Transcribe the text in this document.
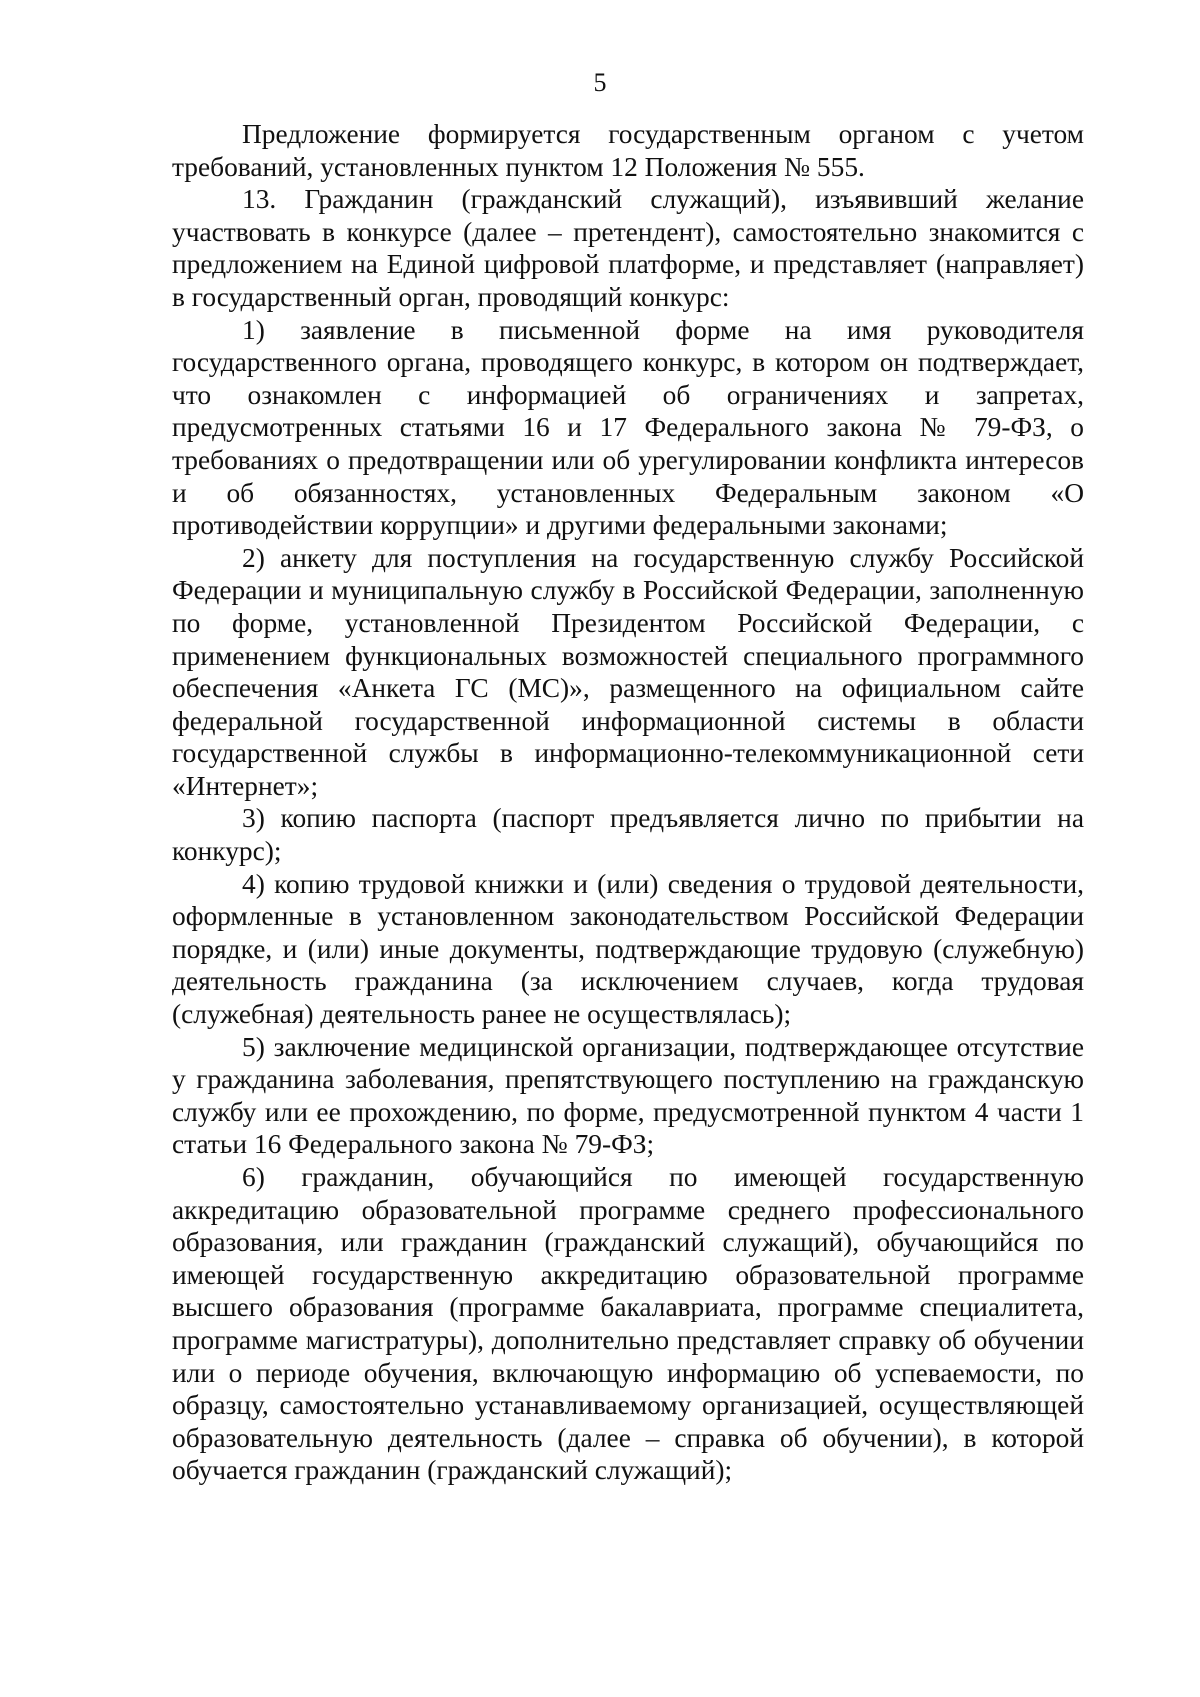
5

Предложение формируется государственным органом с учетом требований, установленных пунктом 12 Положения № 555.

13. Гражданин (гражданский служащий), изъявивший желание участвовать в конкурсе (далее – претендент), самостоятельно знакомится с предложением на Единой цифровой платформе, и представляет (направляет) в государственный орган, проводящий конкурс:

1) заявление в письменной форме на имя руководителя государственного органа, проводящего конкурс, в котором он подтверждает, что ознакомлен с информацией об ограничениях и запретах, предусмотренных статьями 16 и 17 Федерального закона № 79-ФЗ, о требованиях о предотвращении или об урегулировании конфликта интересов и об обязанностях, установленных Федеральным законом «О противодействии коррупции» и другими федеральными законами;

2) анкету для поступления на государственную службу Российской Федерации и муниципальную службу в Российской Федерации, заполненную по форме, установленной Президентом Российской Федерации, с применением функциональных возможностей специального программного обеспечения «Анкета ГС (МС)», размещенного на официальном сайте федеральной государственной информационной системы в области государственной службы в информационно-телекоммуникационной сети «Интернет»;

3) копию паспорта (паспорт предъявляется лично по прибытии на конкурс);

4) копию трудовой книжки и (или) сведения о трудовой деятельности, оформленные в установленном законодательством Российской Федерации порядке, и (или) иные документы, подтверждающие трудовую (служебную) деятельность гражданина (за исключением случаев, когда трудовая (служебная) деятельность ранее не осуществлялась);

5) заключение медицинской организации, подтверждающее отсутствие у гражданина заболевания, препятствующего поступлению на гражданскую службу или ее прохождению, по форме, предусмотренной пунктом 4 части 1 статьи 16 Федерального закона № 79-ФЗ;

6) гражданин, обучающийся по имеющей государственную аккредитацию образовательной программе среднего профессионального образования, или гражданин (гражданский служащий), обучающийся по имеющей государственную аккредитацию образовательной программе высшего образования (программе бакалавриата, программе специалитета, программе магистратуры), дополнительно представляет справку об обучении или о периоде обучения, включающую информацию об успеваемости, по образцу, самостоятельно устанавливаемому организацией, осуществляющей образовательную деятельность (далее – справка об обучении), в которой обучается гражданин (гражданский служащий);
